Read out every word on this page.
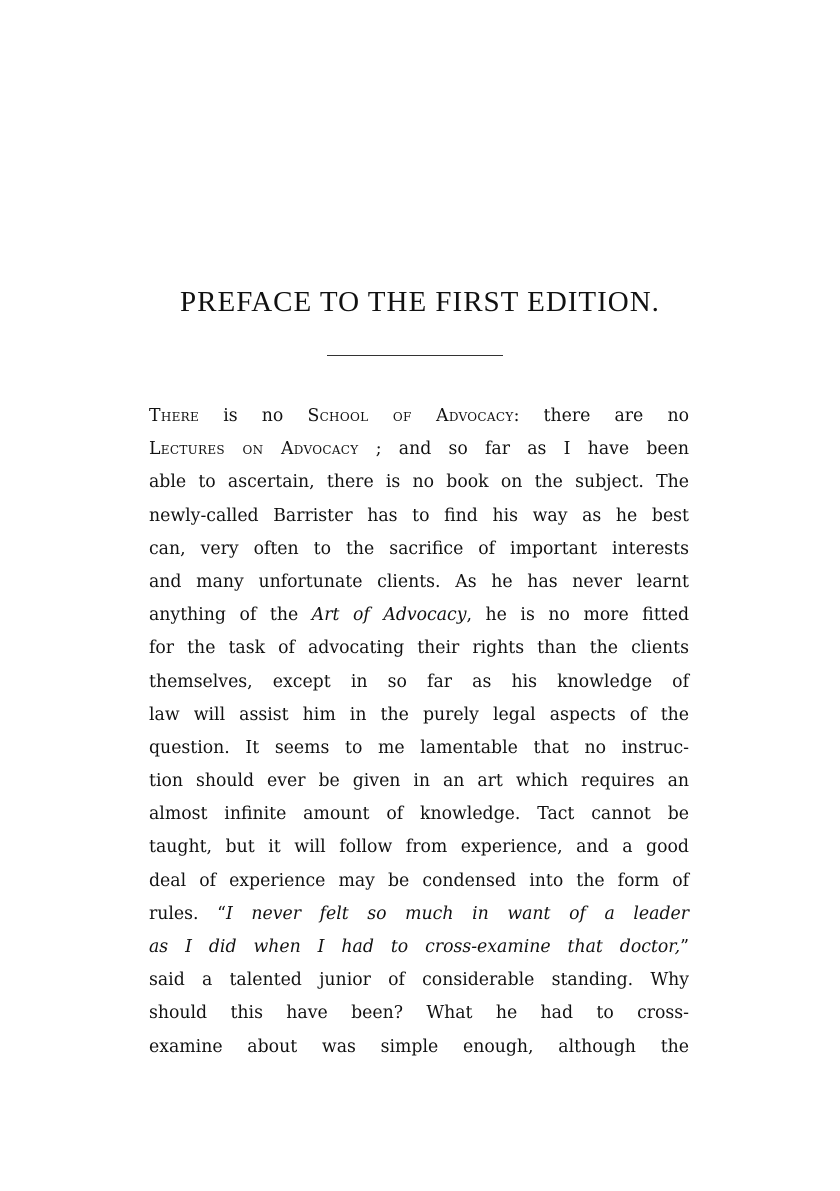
PREFACE TO THE FIRST EDITION.
There is no School of Advocacy: there are no
Lectures on Advocacy ; and so far as I have been
able to ascertain, there is no book on the subject. The
newly-called Barrister has to find his way as he best
can, very often to the sacrifice of important interests
and many unfortunate clients. As he has never learnt
anything of the Art of Advocacy, he is no more fitted
for the task of advocating their rights than the clients
themselves, except in so far as his knowledge of
law will assist him in the purely legal aspects of the
question. It seems to me lamentable that no instruc-
tion should ever be given in an art which requires an
almost infinite amount of knowledge. Tact cannot be
taught, but it will follow from experience, and a good
deal of experience may be condensed into the form of
rules. “I never felt so much in want of a leader
as I did when I had to cross-examine that doctor,”
said a talented junior of considerable standing. Why
should this have been? What he had to cross-
examine about was simple enough, although the
